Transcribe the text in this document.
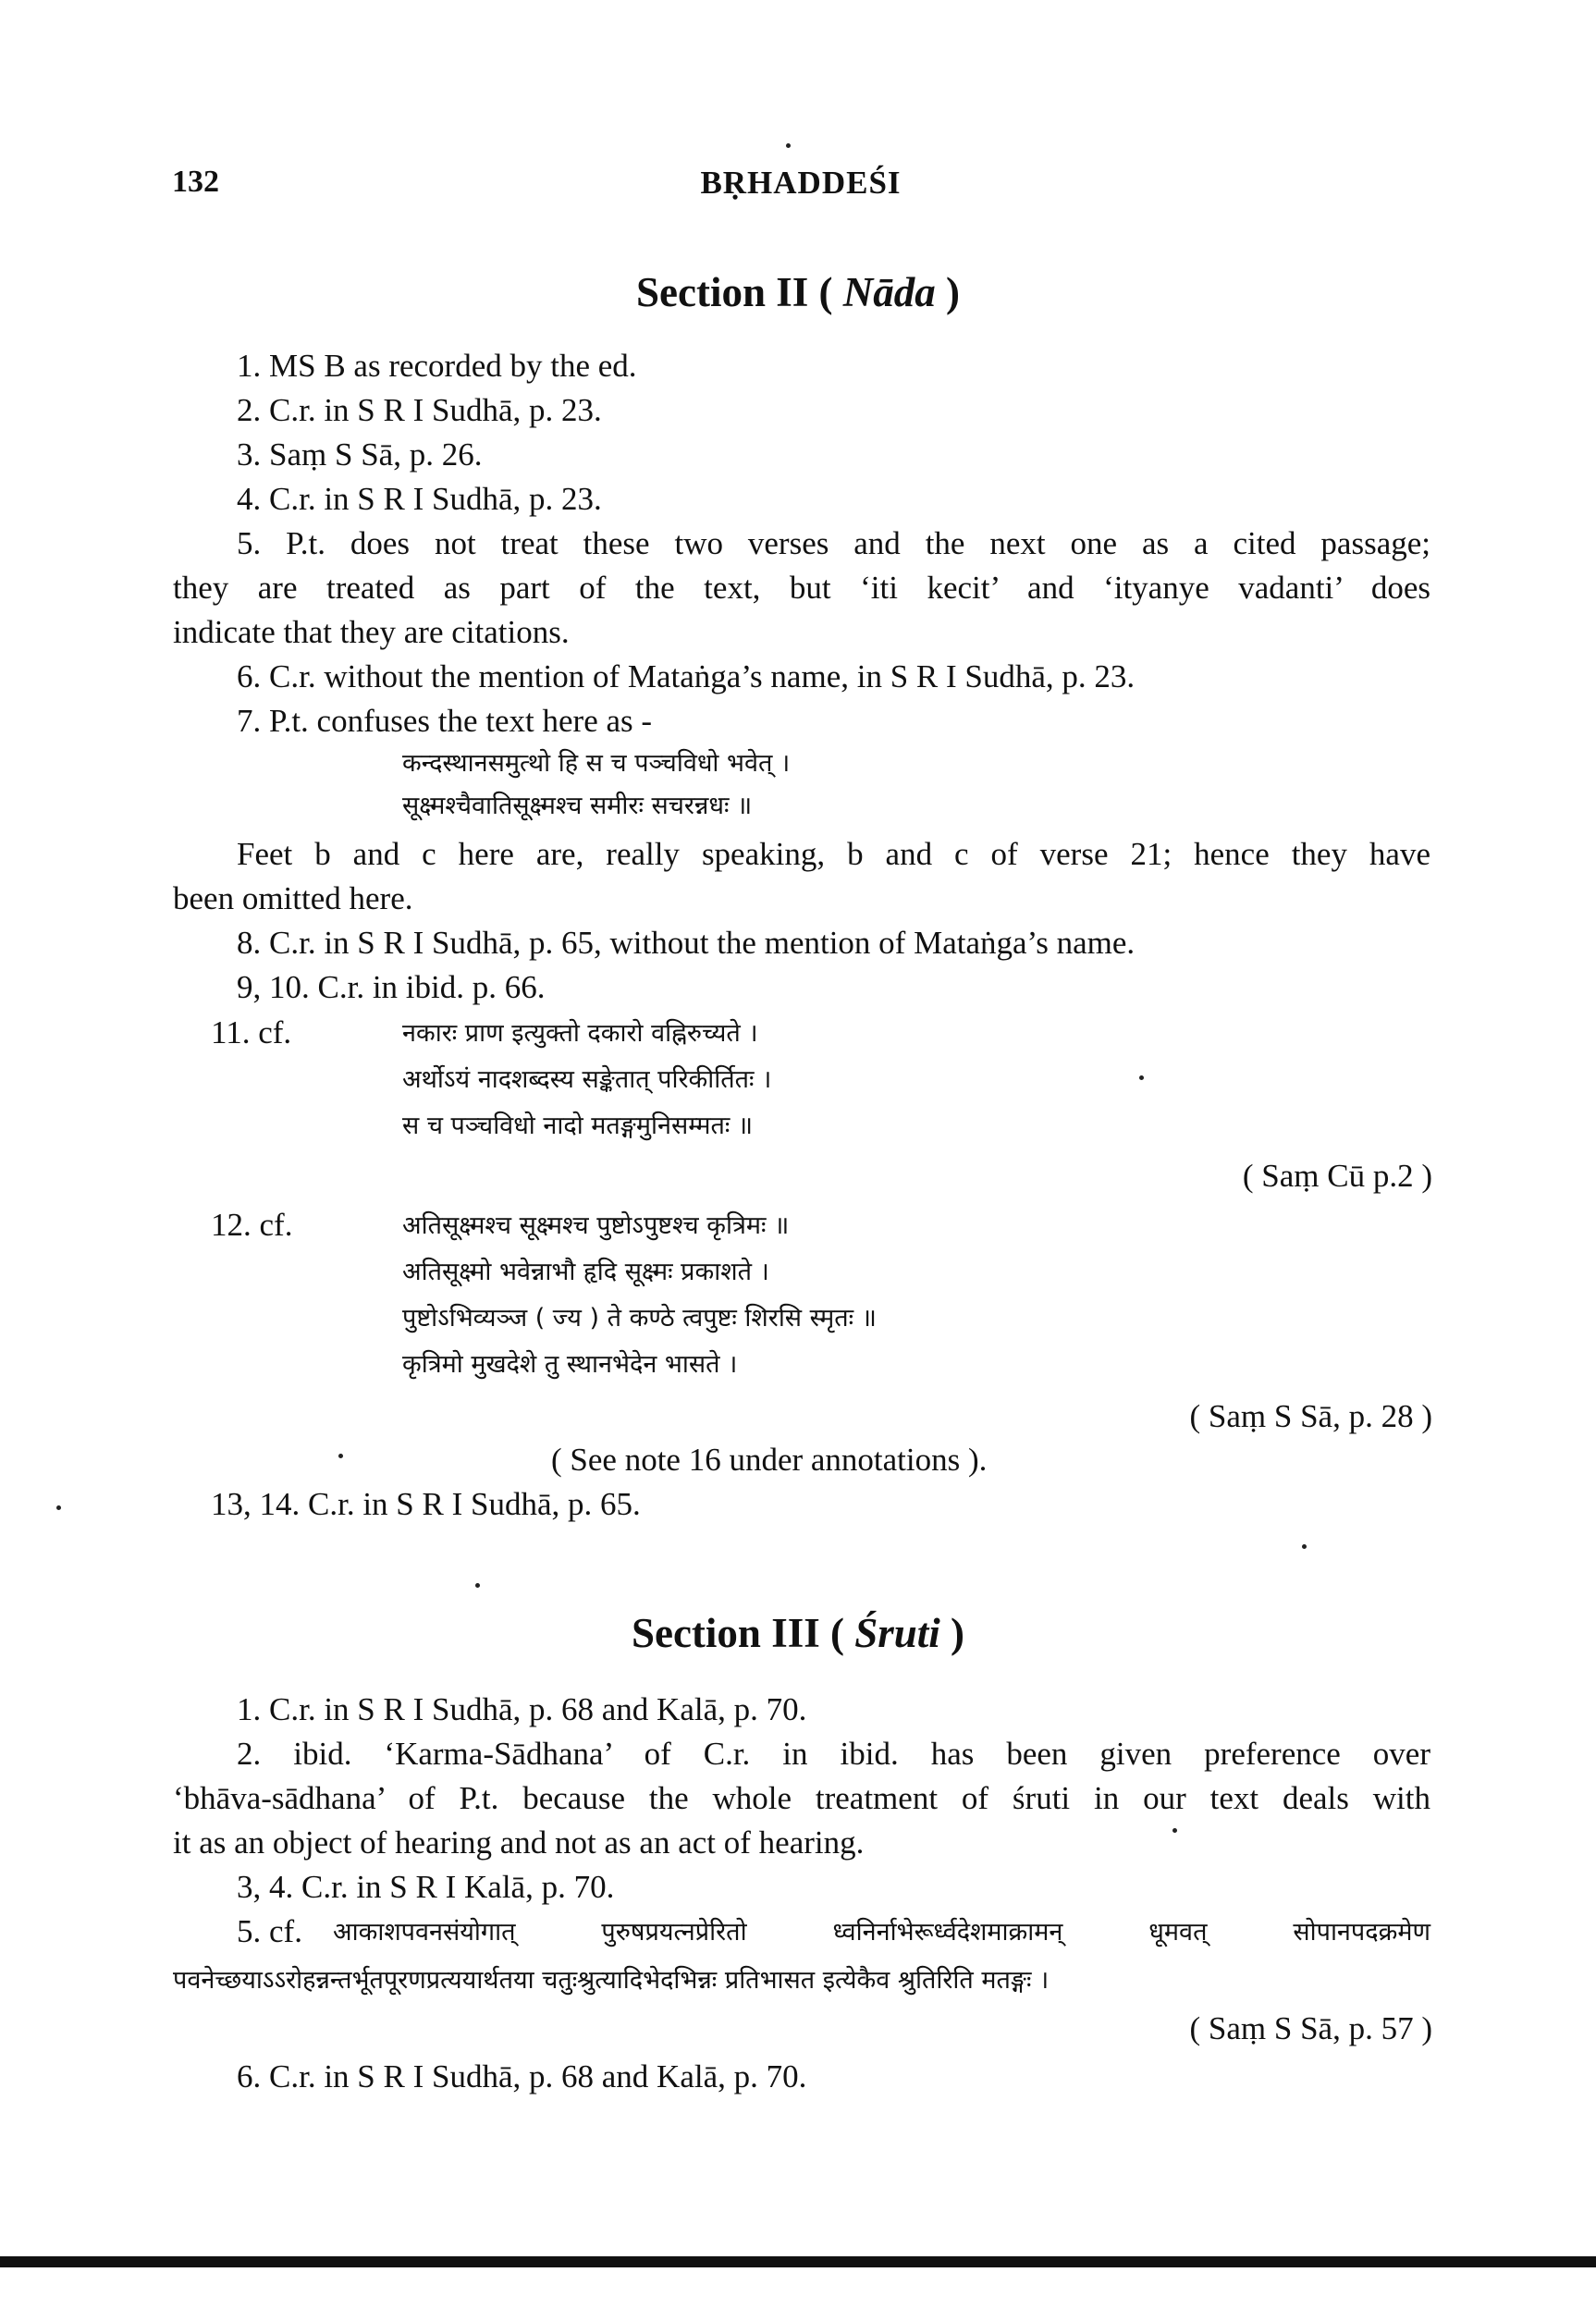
132	BṚHADDEŚI
Section II ( Nāda )
1. MS B as recorded by the ed.
2. C.r. in S R I Sudhā, p. 23.
3. Saṃ S Sā, p. 26.
4. C.r. in S R I Sudhā, p. 23.
5. P.t. does not treat these two verses and the next one as a cited passage;
they are treated as part of the text, but ‘iti kecit’ and ‘ityanye vadanti’ does
indicate that they are citations.
6. C.r. without the mention of Mataṅga’s name, in S R I Sudhā, p. 23.
7. P.t. confuses the text here as -
कन्दस्थानसमुत्थो हि स च पञ्चविधो भवेत् ।
सूक्ष्मश्चैवातिसूक्ष्मश्च समीरः सचरन्नधः ॥
Feet b and c here are, really speaking, b and c of verse 21; hence they have
been omitted here.
8. C.r. in S R I Sudhā, p. 65, without the mention of Mataṅga’s name.
9, 10. C.r. in ibid. p. 66.
11. cf.	नकारः प्राण इत्युक्तो दकारो वह्निरुच्यते ।
अर्थोऽयं नादशब्दस्य सङ्केतात् परिकीर्तितः ।
स च पञ्चविधो नादो मतङ्गमुनिसम्मतः ॥
( Saṃ Cū p.2 )
12. cf.	अतिसूक्ष्मश्च सूक्ष्मश्च पुष्टोऽपुष्टश्च कृत्रिमः ॥
अतिसूक्ष्मो भवेन्नाभौ हृदि सूक्ष्मः प्रकाशते ।
पुष्टोऽभिव्यञ्ज ( ज्य ) ते कण्ठे त्वपुष्टः शिरसि स्मृतः ॥
कृत्रिमो मुखदेशे तु स्थानभेदेन भासते ।
( Saṃ S Sā, p. 28 )
( See note 16 under annotations ).
13, 14. C.r. in S R I Sudhā, p. 65.
Section III ( Śruti )
1. C.r. in S R I Sudhā, p. 68 and Kalā, p. 70.
2. ibid. ‘Karma-Sādhana’ of C.r. in ibid. has been given preference over
‘bhāva-sādhana’ of P.t. because the whole treatment of śruti in our text deals with
it as an object of hearing and not as an act of hearing.
3, 4. C.r. in S R I Kalā, p. 70.
5. cf. आकाशपवनसंयोगात् पुरुषप्रयत्नप्रेरितो ध्वनिर्नाभेरूर्ध्वदेशमाक्रामन् धूमवत् सोपानपदक्रमेण
पवनेच्छयाऽऽरोहन्नन्तर्भूतपूरणप्रत्ययार्थतया चतुःश्रुत्यादिभेदभिन्नः प्रतिभासत इत्येकैव श्रुतिरिति मतङ्गः ।
( Saṃ S Sā, p. 57 )
6. C.r. in S R I Sudhā, p. 68 and Kalā, p. 70.
